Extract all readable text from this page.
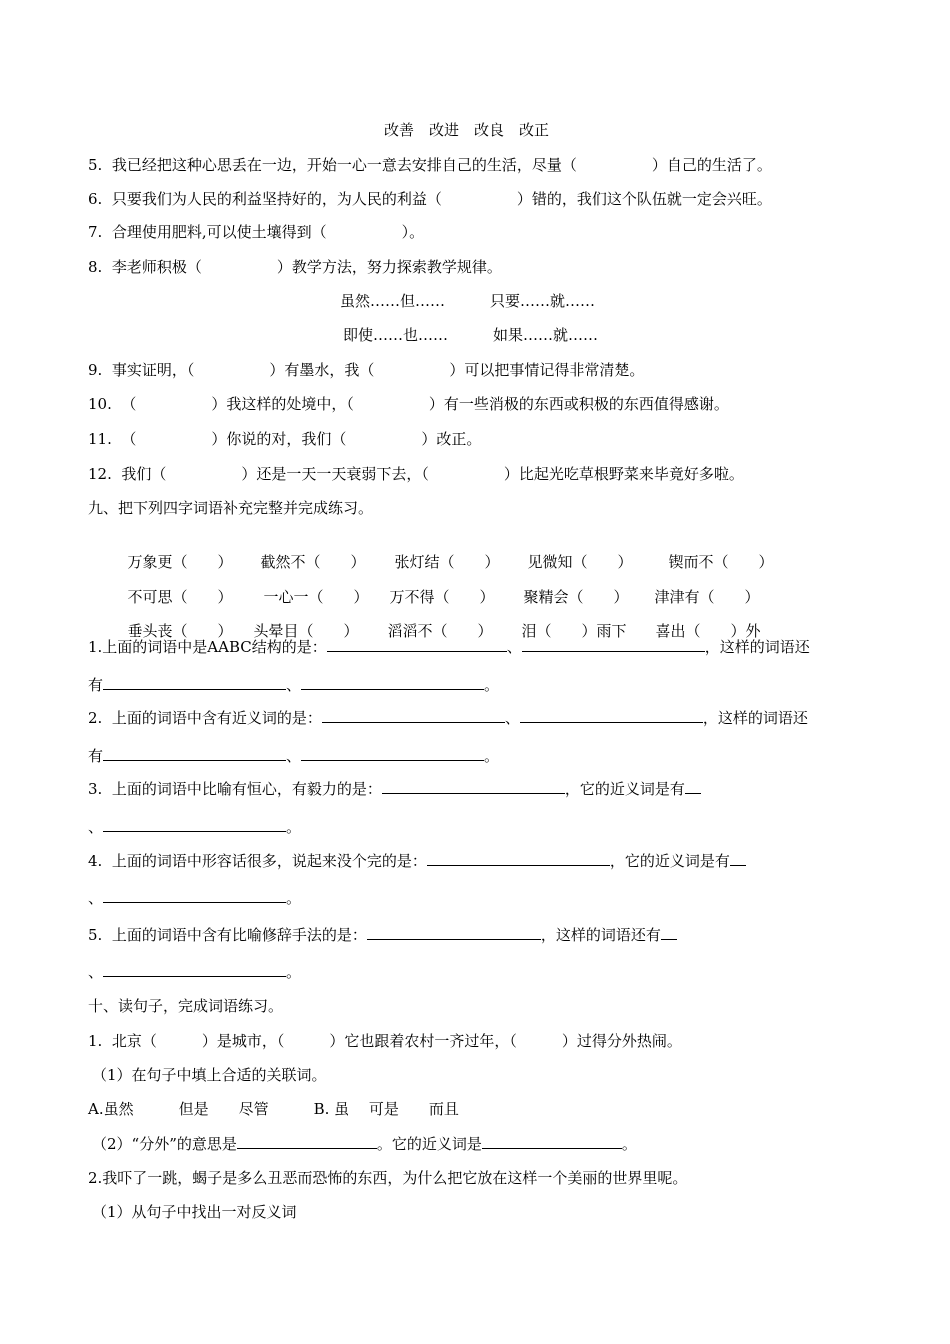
改善　改进　改良　改正
5.  我已经把这种心思丢在一边，开始一心一意去安排自己的生活，尽量（　　　　　）自己的生活了。
6.  只要我们为人民的利益坚持好的，为人民的利益（　　　　　）错的，我们这个队伍就一定会兴旺。
7.  合理使用肥料,可以使土壤得到（　　　　　）。
8.  李老师积极（　　　　　）教学方法，努力探索教学规律。
虽然……但……　　　只要……就……
即使……也……　　　如果……就……
9.  事实证明，（　　　　　）有墨水，我（　　　　　）可以把事情记得非常清楚。
10.  （　　　　　）我这样的处境中，（　　　　　）有一些消极的东西或积极的东西值得感谢。
11.  （　　　　　）你说的对，我们（　　　　　）改正。
12.  我们（　　　　　）还是一天一天衰弱下去，（　　　　　）比起光吃草根野菜来毕竟好多啦。
九、把下列四字词语补充完整并完成练习。

万象更（　　） 截然不（　　） 张灯结（　　） 见微知（　　） 锲而不（　　）

不可思（　　） 一心一（　　） 万不得（　　） 聚精会（　　） 津津有（　　）

垂头丧（　　） 头晕目（　　） 滔滔不（　　） 泪（　　）雨下 喜出（　　）外

1.上面的词语中是AABC结构的是：	、	，这样的词语还
有	、	。
2.  上面的词语中含有近义词的是：	、	，这样的词语还
有	、	。
3.  上面的词语中比喻有恒心，有毅力的是：	，它的近义词是有
、	。
4.  上面的词语中形容话很多，说起来没个完的是：	，它的近义词是有
、	。
5.  上面的词语中含有比喻修辞手法的是：	，这样的词语还有
、	。
十、读句子，完成词语练习。
1.  北京（　　　）是城市，（　　　）它也跟着农村一齐过年，（　　　）过得分外热闹。
（1）在句子中填上合适的关联词。
A.虽然　　　但是　　尽管　　　B. 虽　 可是　　而且
（2）“分外”的意思是	。它的近义词是	。
2.我吓了一跳，蝎子是多么丑恶而恐怖的东西，为什么把它放在这样一个美丽的世界里呢。
（1）从句子中找出一对反义词
